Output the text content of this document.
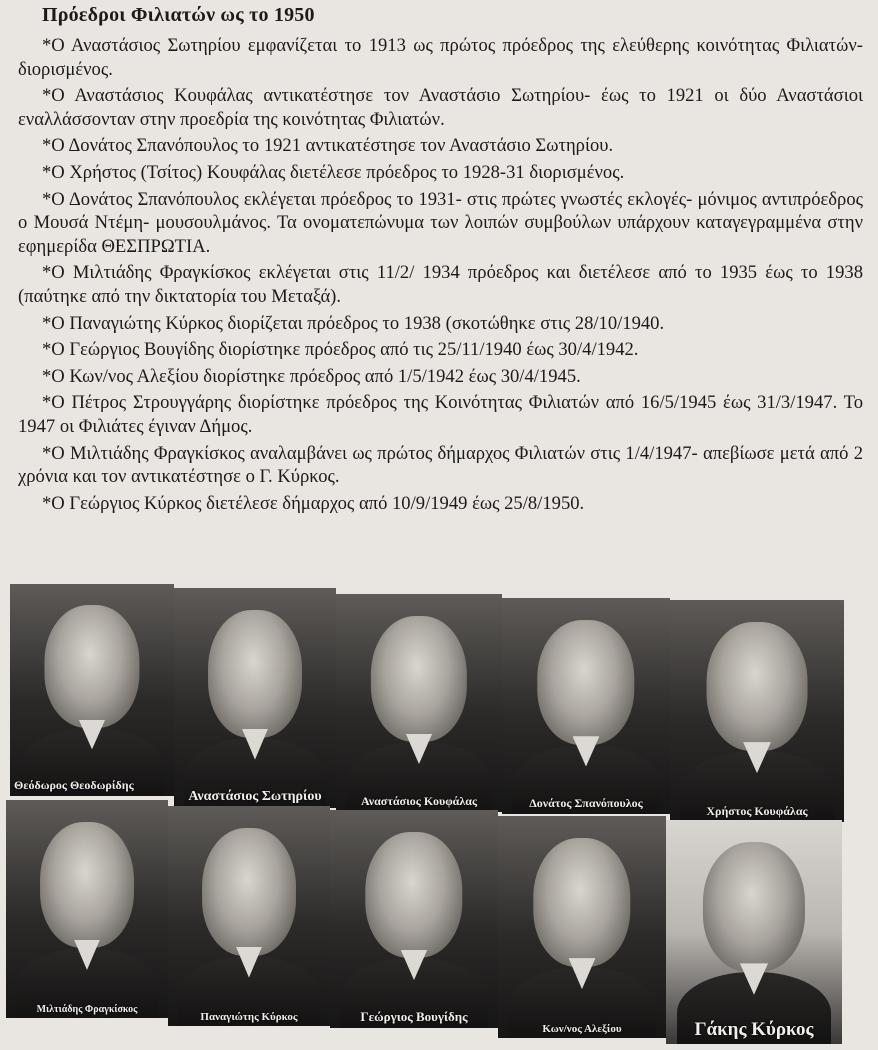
Πρόεδροι Φιλιατών ως το 1950

*Ο Αναστάσιος Σωτηρίου εμφανίζεται το 1913 ως πρώτος πρόεδρος της ελεύθερης κοινότητας Φιλιατών- διορισμένος.

*Ο Αναστάσιος Κουφάλας αντικατέστησε τον Αναστάσιο Σωτηρίου- έως το 1921 οι δύο Αναστάσιοι εναλλάσσονταν στην προεδρία της κοινότητας Φιλιατών.

*Ο Δονάτος Σπανόπουλος το 1921 αντικατέστησε τον Αναστάσιο Σωτηρίου.

*Ο Χρήστος (Τσίτος) Κουφάλας διετέλεσε πρόεδρος το 1928-31 διορισμένος.

*Ο Δονάτος Σπανόπουλος εκλέγεται πρόεδρος το 1931- στις πρώτες γνωστές εκλογές- μόνιμος αντιπρόεδρος ο Μουσά Ντέμη- μουσουλμάνος. Τα ονοματεπώνυμα των λοιπών συμβούλων υπάρχουν καταγεγραμμένα στην εφημερίδα ΘΕΣΠΡΩΤΙΑ.

*Ο Μιλτιάδης Φραγκίσκος εκλέγεται στις 11/2/ 1934 πρόεδρος και διετέλεσε από το 1935 έως το 1938 (παύτηκε από την δικτατορία του Μεταξά).

*Ο Παναγιώτης Κύρκος διορίζεται πρόεδρος το 1938 (σκοτώθηκε στις 28/10/1940.

*Ο Γεώργιος Βουγίδης διορίστηκε πρόεδρος από τις 25/11/1940 έως 30/4/1942.

*Ο Κων/νος Αλεξίου διορίστηκε πρόεδρος από 1/5/1942 έως 30/4/1945.

*Ο Πέτρος Στρουγγάρης διορίστηκε πρόεδρος της Κοινότητας Φιλιατών από 16/5/1945 έως 31/3/1947. Το 1947 οι Φιλιάτες έγιναν Δήμος.

*Ο Μιλτιάδης Φραγκίσκος αναλαμβάνει ως πρώτος δήμαρχος Φιλιατών στις 1/4/1947- απεβίωσε μετά από 2 χρόνια και τον αντικατέστησε ο Γ. Κύρκος.

*Ο Γεώργιος Κύρκος διετέλεσε δήμαρχος από 10/9/1949 έως 25/8/1950.

Θεόδωρος Θεοδωρίδης
Αναστάσιος Σωτηρίου	Αναστάσιος Κουφάλας	Δονάτος Σπανόπουλος
Χρήστος Κουφάλας
Μιλτιάδης Φραγκίσκος
Παναγιώτης Κύρκος	Γεώργιος Βουγίδης
Κων/νος Αλεξίου	Γάκης Κύρκος
